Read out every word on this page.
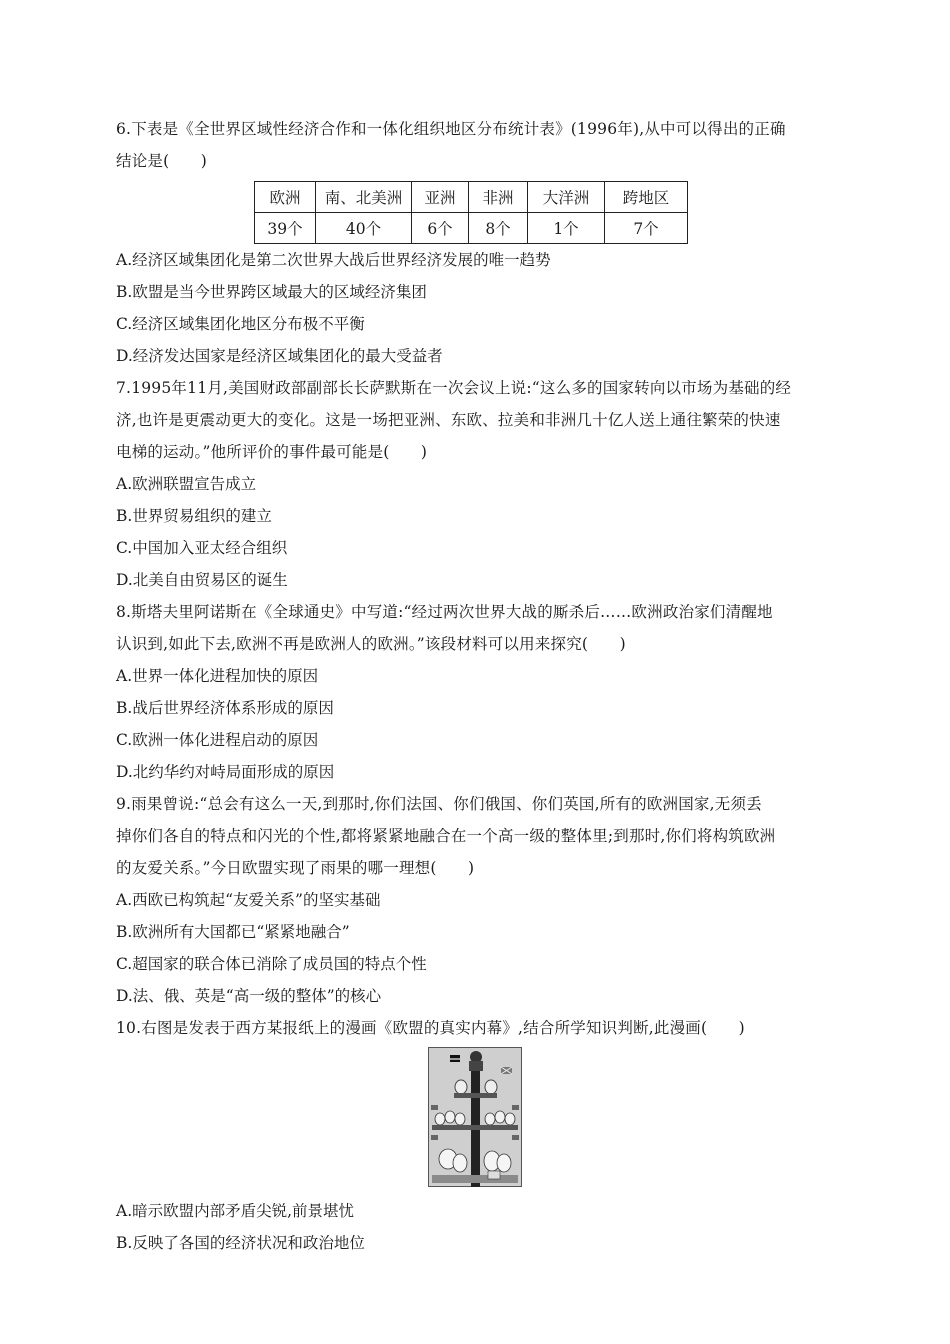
6.下表是《全世界区域性经济合作和一体化组织地区分布统计表》(1996年),从中可以得出的正确
结论是(　　)
欧洲	南、北美洲	亚洲	非洲	大洋洲	跨地区
39个	40个	6个	8个	1个	7个
A.经济区域集团化是第二次世界大战后世界经济发展的唯一趋势
B.欧盟是当今世界跨区域最大的区域经济集团
C.经济区域集团化地区分布极不平衡
D.经济发达国家是经济区域集团化的最大受益者
7.1995年11月,美国财政部副部长长萨默斯在一次会议上说:“这么多的国家转向以市场为基础的经
济,也许是更震动更大的变化。这是一场把亚洲、东欧、拉美和非洲几十亿人送上通往繁荣的快速
电梯的运动。”他所评价的事件最可能是(　　)
A.欧洲联盟宣告成立
B.世界贸易组织的建立
C.中国加入亚太经合组织
D.北美自由贸易区的诞生
8.斯塔夫里阿诺斯在《全球通史》中写道:“经过两次世界大战的厮杀后……欧洲政治家们清醒地
认识到,如此下去,欧洲不再是欧洲人的欧洲。”该段材料可以用来探究(　　)
A.世界一体化进程加快的原因
B.战后世界经济体系形成的原因
C.欧洲一体化进程启动的原因
D.北约华约对峙局面形成的原因
9.雨果曾说:“总会有这么一天,到那时,你们法国、你们俄国、你们英国,所有的欧洲国家,无须丢
掉你们各自的特点和闪光的个性,都将紧紧地融合在一个高一级的整体里;到那时,你们将构筑欧洲
的友爱关系。”今日欧盟实现了雨果的哪一理想(　　)
A.西欧已构筑起“友爱关系”的坚实基础
B.欧洲所有大国都已“紧紧地融合”
C.超国家的联合体已消除了成员国的特点个性
D.法、俄、英是“高一级的整体”的核心
10.右图是发表于西方某报纸上的漫画《欧盟的真实内幕》,结合所学知识判断,此漫画(　　)
A.暗示欧盟内部矛盾尖锐,前景堪忧
B.反映了各国的经济状况和政治地位
